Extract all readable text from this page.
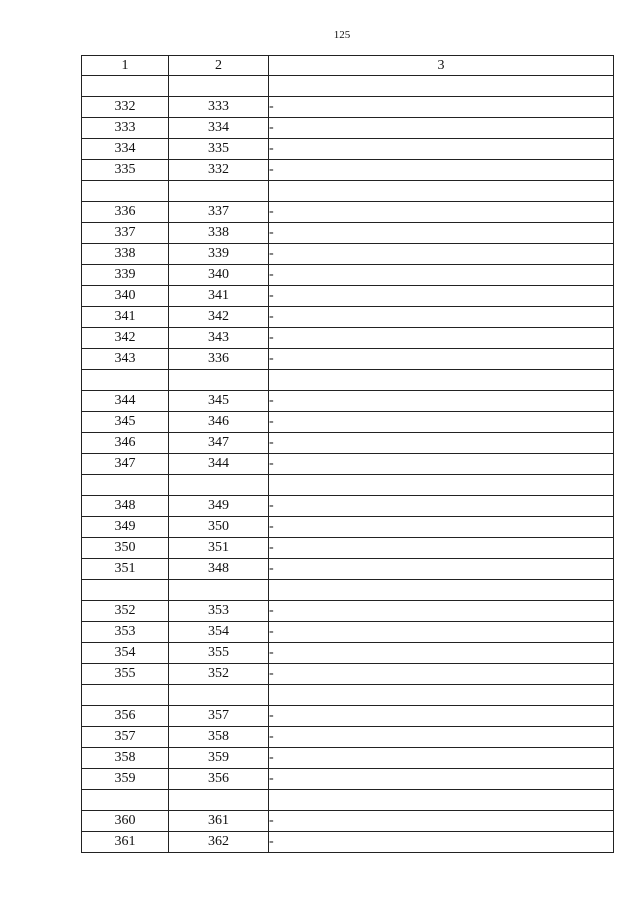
125
1	2	3

332	333	-
333	334	-
334	335	-
335	332	-

336	337	-
337	338	-
338	339	-
339	340	-
340	341	-
341	342	-
342	343	-
343	336	-

344	345	-
345	346	-
346	347	-
347	344	-

348	349	-
349	350	-
350	351	-
351	348	-

352	353	-
353	354	-
354	355	-
355	352	-

356	357	-
357	358	-
358	359	-
359	356	-

360	361	-
361	362	-
